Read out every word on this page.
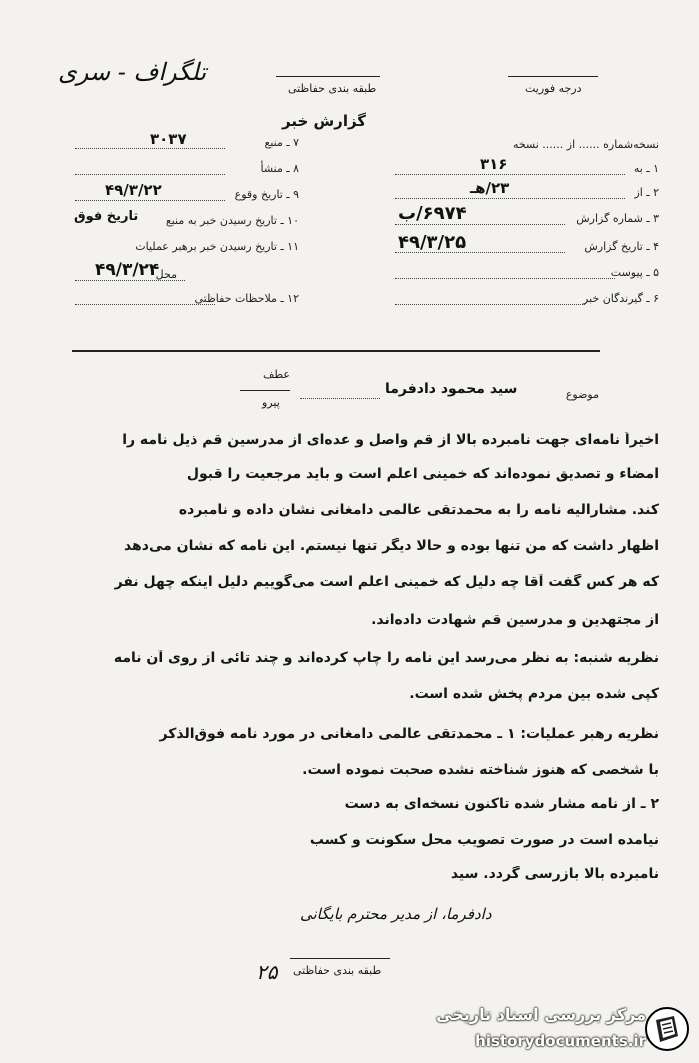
تلگراف - سری
طبقه بندی حفاظتی	درجه فوریت
گزارش خبر
نسخه‌شماره ...... از ...... نسخه
۱ ـ به
۳۱۶
۲ ـ از
۲۳/هـ
۳ ـ شماره گزارش
۶۹۷۴/ب
۴ ـ تاریخ گزارش
۴۹/۳/۲۵
۵ ـ پیوست
۶ ـ گیرندگان خبر
۷ ـ منبع
۳۰۳۷
۸ ـ منشأ
۹ ـ تاریخ وقوع
۴۹/۳/۲۲
۱۰ ـ تاریخ رسیدن خبر به منبع
تاریخ فوق
۱۱ ـ تاریخ رسیدن خبر برهبر عملیات
محل
۴۹/۳/۲۴
۱۲ ـ ملاحظات حفاظتی
موضوع
سید محمود دادفرما
عطف
پیرو
اخیراً نامه‌ای جهت نامبرده بالا از قم واصل و عده‌ای از مدرسین قم ذیل نامه را
امضاء و تصدیق نموده‌اند که خمینی اعلم است و باید مرجعیت را قبول
کند. مشارالیه نامه را به محمدتقی عالمی دامغانی نشان داده و نامبرده
اظهار داشت که من تنها بوده و حالا دیگر تنها نیستم. این نامه که نشان می‌دهد
که هر کس گفت آقا چه دلیل که خمینی اعلم است می‌گوییم دلیل اینکه چهل نفر
از مجتهدین و مدرسین قم شهادت داده‌اند.
نظریه شنبه: به نظر می‌رسد این نامه را چاپ کرده‌اند و چند تائی از روی آن نامه
کپی شده بین مردم پخش شده است.
نظریه رهبر عملیات: ۱ ـ محمدتقی عالمی دامغانی در مورد نامه فوق‌الذکر
با شخصی که هنوز شناخته نشده صحبت نموده است.
۲ ـ از نامه مشار شده تاکنون نسخه‌ای به دست
نیامده است در صورت تصویب محل سکونت و کسب
نامبرده بالا بازرسی گردد. سید
دادفرما، از مدیر محترم بایگانی
۲۵ طبقه بندی حفاظتی
مرکز بررسی اسناد تاریخی
historydocuments.ir
